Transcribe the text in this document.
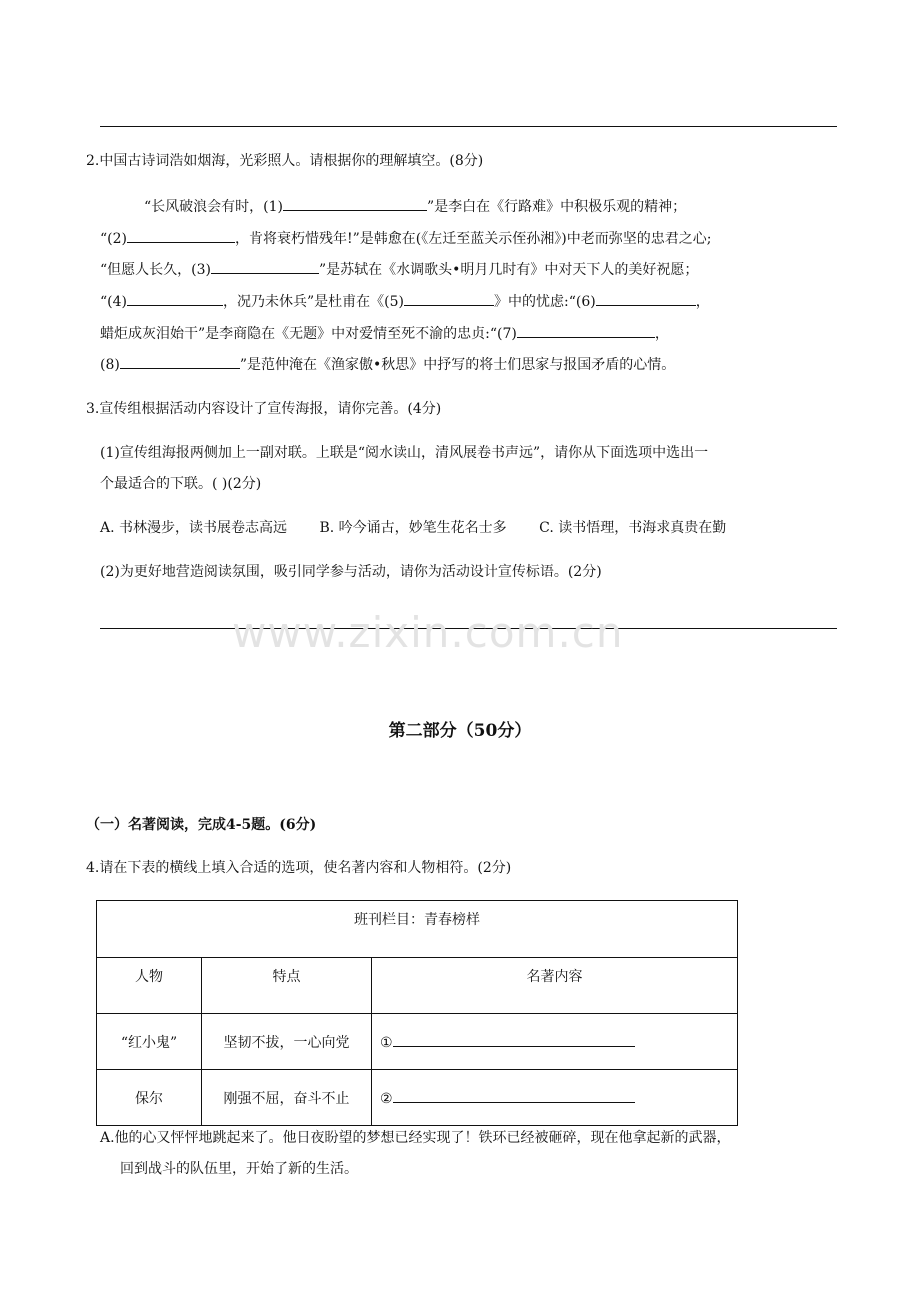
2.中国古诗词浩如烟海，光彩照人。请根据你的理解填空。(8分)
“长风破浪会有时，(1)	”是李白在《行路难》中积极乐观的精神；
“(2)	，肯将衰朽惜残年!”是韩愈在(《左迁至蓝关示侄孙湘》)中老而弥坚的忠君之心;
“但愿人长久，(3)	”是苏轼在《水调歌头•明月几时有》中对天下人的美好祝愿；
“(4)	，况乃未休兵”是杜甫在《(5)	》中的忧虑:“(6)	，
蜡炬成灰泪始干”是李商隐在《无题》中对爱情至死不渝的忠贞:“(7)	，
(8)	”是范仲淹在《渔家傲•秋思》中抒写的将士们思家与报国矛盾的心情。
3.宣传组根据活动内容设计了宣传海报，请你完善。(4分)
(1)宣传组海报两侧加上一副对联。上联是“阅水读山，清风展卷书声远”，请你从下面选项中选出一
个最适合的下联。( )(2分)
A. 书林漫步，读书展卷志高远 B. 吟今诵古，妙笔生花名士多 C. 读书悟理，书海求真贵在勤
(2)为更好地营造阅读氛围，吸引同学参与活动，请你为活动设计宣传标语。(2分)
www.zixin.com.cn
第二部分（50分）
（一）名著阅读，完成4-5题。(6分)
4.请在下表的横线上填入合适的选项，使名著内容和人物相符。(2分)
班刊栏目：青春榜样		
人物	特点	名著内容
“红小鬼”	坚韧不拔，一心向党	①
保尔	刚强不屈，奋斗不止	②
A.他的心又怦怦地跳起来了。他日夜盼望的梦想已经实现了！铁环已经被砸碎，现在他拿起新的武器，
回到战斗的队伍里，开始了新的生活。
